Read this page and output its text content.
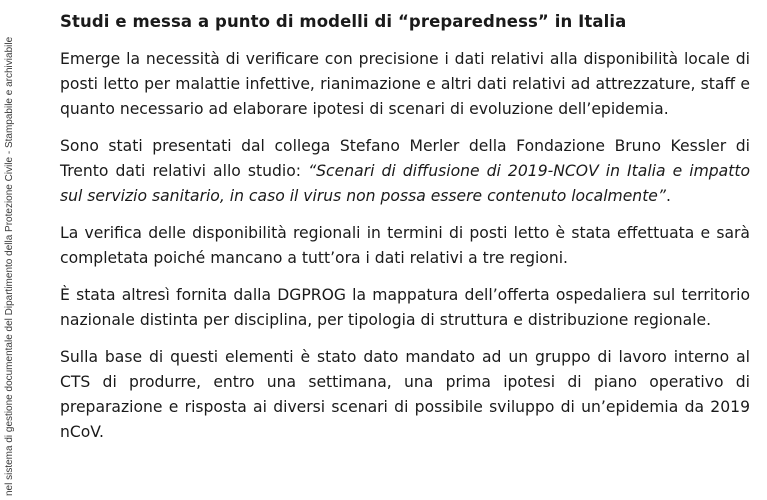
nel sistema di gestione documentale del Dipartimento della Protezione Civile - Stampabile e archiviabile
Studi e messa a punto di modelli di “preparedness” in Italia

Emerge la necessità di verificare con precisione i dati relativi alla disponibilità locale di posti letto per malattie infettive, rianimazione e altri dati relativi ad attrezzature, staff e quanto necessario ad elaborare ipotesi di scenari di evoluzione dell’epidemia.

Sono stati presentati dal collega Stefano Merler della Fondazione Bruno Kessler di Trento dati relativi allo studio: “Scenari di diffusione di 2019-NCOV in Italia e impatto sul servizio sanitario, in caso il virus non possa essere contenuto localmente”.

La verifica delle disponibilità regionali in termini di posti letto è stata effettuata e sarà completata poiché mancano a tutt’ora i dati relativi a tre regioni.

È stata altresì fornita dalla DGPROG la mappatura dell’offerta ospedaliera sul territorio nazionale distinta per disciplina, per tipologia di struttura e distribuzione regionale.

Sulla base di questi elementi è stato dato mandato ad un gruppo di lavoro interno al CTS di produrre, entro una settimana, una prima ipotesi di piano operativo di preparazione e risposta ai diversi scenari di possibile sviluppo di un’epidemia da 2019 nCoV.
